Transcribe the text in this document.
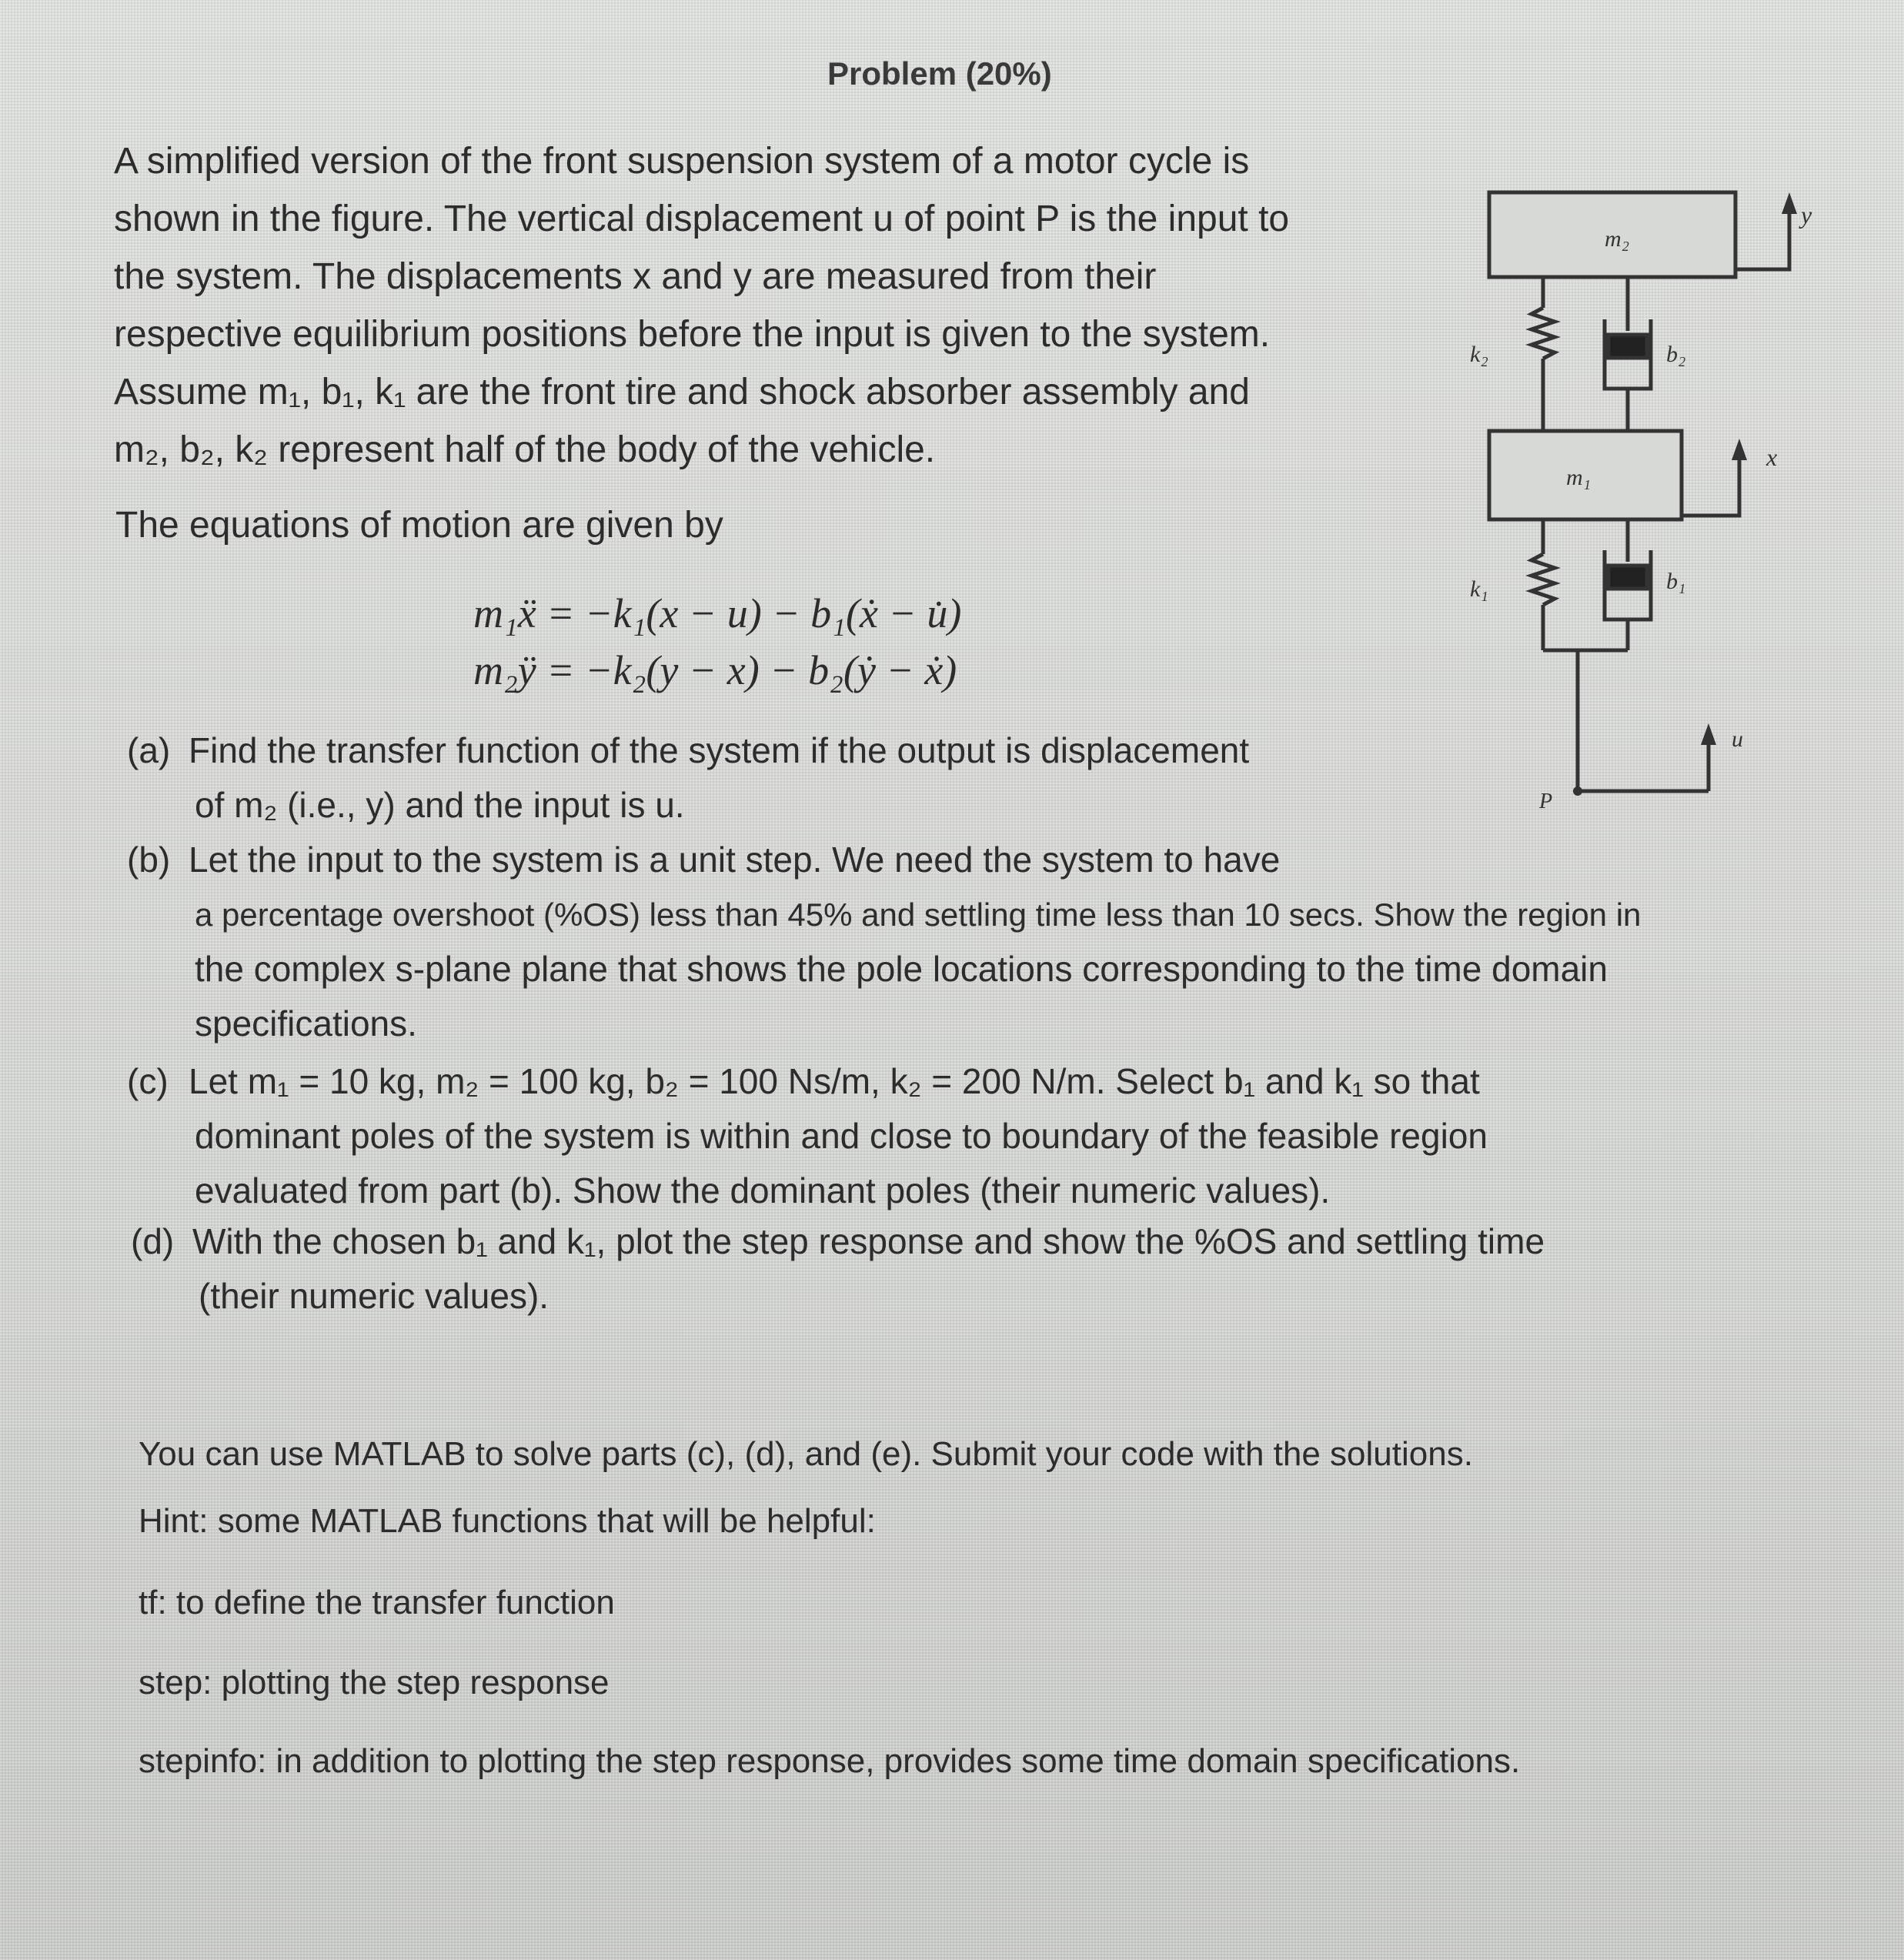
Problem (20%)

A simplified version of the front suspension system of a motor cycle is

shown in the figure. The vertical displacement u of point P is the input to

the system. The displacements x and y are measured from their

respective equilibrium positions before the input is given to the system.

Assume m₁, b₁, k₁ are the front tire and shock absorber assembly and

m₂, b₂, k₂ represent half of the body of the vehicle.

The equations of motion are given by
m₁ẍ = −k₁(x − u) − b₁(ẋ − u̇)
m₂ÿ = −k₂(y − x) − b₂(ẏ − ẋ)
(a) Find the transfer function of the system if the output is displacement
of m₂ (i.e., y) and the input is u.
(b) Let the input to the system is a unit step. We need the system to have
a percentage overshoot (%OS) less than 45% and settling time less than 10 secs. Show the region in
the complex s-plane plane that shows the pole locations corresponding to the time domain
specifications.
(c) Let m₁ = 10 kg, m₂ = 100 kg, b₂ = 100 Ns/m, k₂ = 200 N/m. Select b₁ and k₁ so that
dominant poles of the system is within and close to boundary of the feasible region
evaluated from part (b). Show the dominant poles (their numeric values).
(d) With the chosen b₁ and k₁, plot the step response and show the %OS and settling time
(their numeric values).
You can use MATLAB to solve parts (c), (d), and (e). Submit your code with the solutions.
Hint: some MATLAB functions that will be helpful:
tf: to define the transfer function
step: plotting the step response
stepinfo: in addition to plotting the step response, provides some time domain specifications.
m₂
y
k₂	b₂
m₁
x
k₁	b₁
u
P
